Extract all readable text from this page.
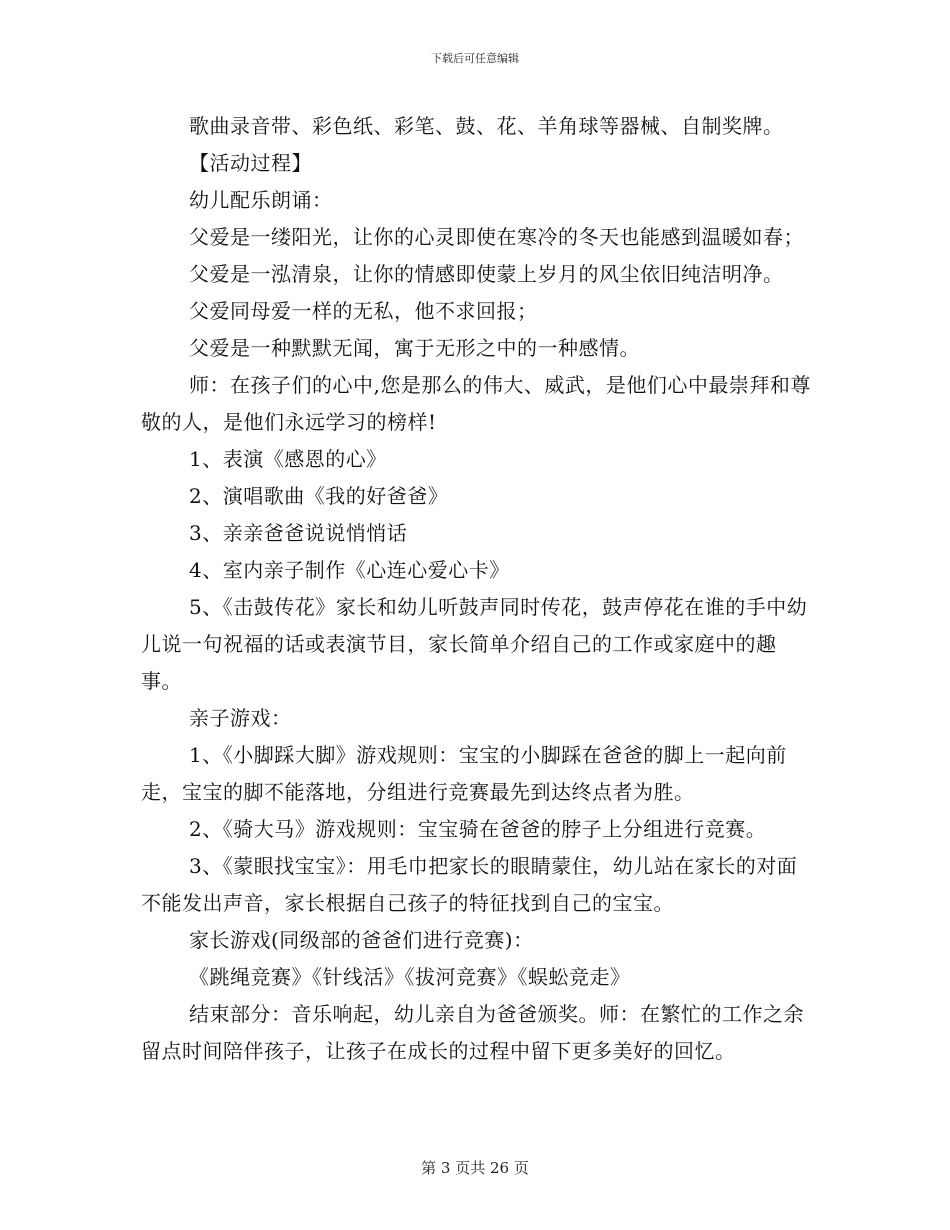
下载后可任意编辑

歌曲录音带、彩色纸、彩笔、鼓、花、羊角球等器械、自制奖牌。

【活动过程】

幼儿配乐朗诵：

父爱是一缕阳光，让你的心灵即使在寒冷的冬天也能感到温暖如春；

父爱是一泓清泉，让你的情感即使蒙上岁月的风尘依旧纯洁明净。

父爱同母爱一样的无私，他不求回报；

父爱是一种默默无闻，寓于无形之中的一种感情。

师：在孩子们的心中,您是那么的伟大、威武，是他们心中最崇拜和尊敬的人，是他们永远学习的榜样!

1、表演《感恩的心》

2、演唱歌曲《我的好爸爸》

3、亲亲爸爸说说悄悄话

4、室内亲子制作《心连心爱心卡》

5、《击鼓传花》家长和幼儿听鼓声同时传花，鼓声停花在谁的手中幼儿说一句祝福的话或表演节目，家长简单介绍自己的工作或家庭中的趣事。

亲子游戏：

1、《小脚踩大脚》游戏规则：宝宝的小脚踩在爸爸的脚上一起向前走，宝宝的脚不能落地，分组进行竞赛最先到达终点者为胜。

2、《骑大马》游戏规则：宝宝骑在爸爸的脖子上分组进行竞赛。

3、《蒙眼找宝宝》：用毛巾把家长的眼睛蒙住，幼儿站在家长的对面不能发出声音，家长根据自己孩子的特征找到自己的宝宝。

家长游戏(同级部的爸爸们进行竞赛)：

《跳绳竞赛》《针线活》《拔河竞赛》《蜈蚣竞走》

结束部分：音乐响起，幼儿亲自为爸爸颁奖。师：在繁忙的工作之余留点时间陪伴孩子，让孩子在成长的过程中留下更多美好的回忆。

第 3 页共 26 页
